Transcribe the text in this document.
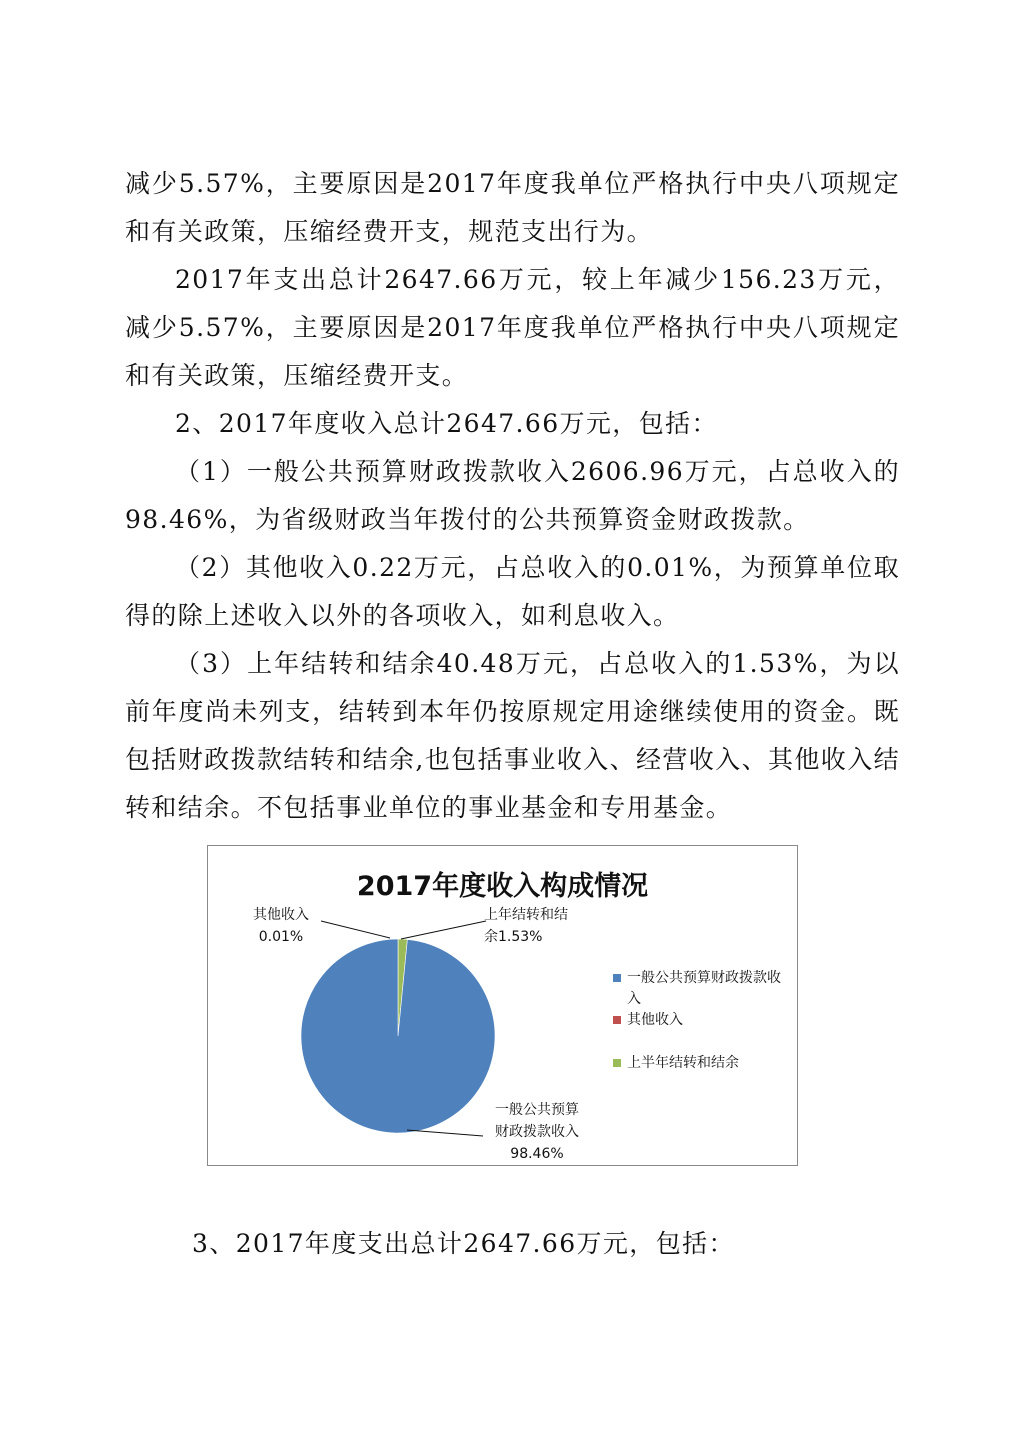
减少5.57%，主要原因是2017年度我单位严格执行中央八项规定和有关政策，压缩经费开支，规范支出行为。

2017年支出总计2647.66万元，较上年减少156.23万元，减少5.57%，主要原因是2017年度我单位严格执行中央八项规定和有关政策，压缩经费开支。

2、2017年度收入总计2647.66万元，包括：

（1）一般公共预算财政拨款收入2606.96万元，占总收入的98.46%，为省级财政当年拨付的公共预算资金财政拨款。

（2）其他收入0.22万元，占总收入的0.01%，为预算单位取得的除上述收入以外的各项收入，如利息收入。

（3）上年结转和结余40.48万元，占总收入的1.53%，为以前年度尚未列支，结转到本年仍按原规定用途继续使用的资金。既包括财政拨款结转和结余,也包括事业收入、经营收入、其他收入结转和结余。不包括事业单位的事业基金和专用基金。

2017年度收入构成情况
其他收入
0.01%
上年结转和结
余1.53%
一般公共预算
财政拨款收入
98.46%
一般公共预算财政拨款收入
其他收入
上半年结转和结余

3、2017年度支出总计2647.66万元，包括：
